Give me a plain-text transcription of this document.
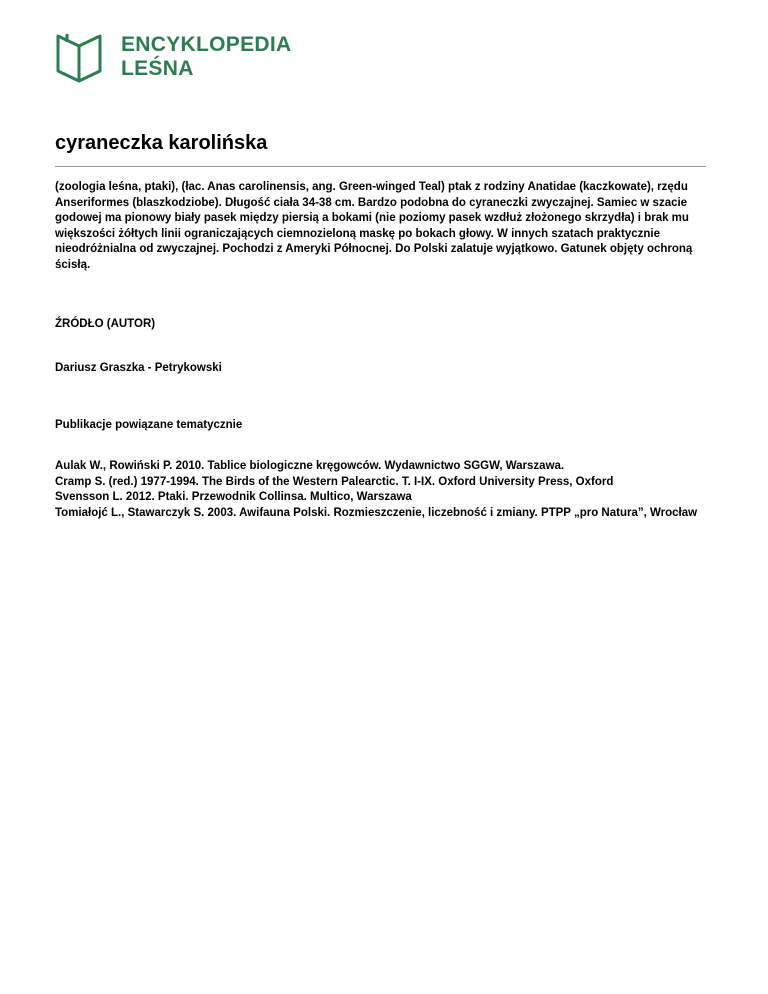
ENCYKLOPEDIA
LEŚNA
cyraneczka karolińska

(zoologia leśna, ptaki), (łac. Anas carolinensis, ang. Green-winged Teal) ptak z rodziny Anatidae (kaczkowate), rzędu Anseriformes (blaszkodziobe). Długość ciała 34-38 cm. Bardzo podobna do cyraneczki zwyczajnej. Samiec w szacie godowej ma pionowy biały pasek między piersią a bokami (nie poziomy pasek wzdłuż złożonego skrzydła) i brak mu większości żółtych linii ograniczających ciemnozieloną maskę po bokach głowy. W innych szatach praktycznie nieodróżnialna od zwyczajnej. Pochodzi z Ameryki Północnej. Do Polski zalatuje wyjątkowo. Gatunek objęty ochroną ścisłą.

ŹRÓDŁO (AUTOR)

Dariusz Graszka - Petrykowski

Publikacje powiązane tematycznie

Aulak W., Rowiński P. 2010. Tablice biologiczne kręgowców. Wydawnictwo SGGW, Warszawa.
Cramp S. (red.) 1977-1994. The Birds of the Western Palearctic. T. I-IX. Oxford University Press, Oxford
Svensson L. 2012. Ptaki. Przewodnik Collinsa. Multico, Warszawa
Tomiałojć L., Stawarczyk S. 2003. Awifauna Polski. Rozmieszczenie, liczebność i zmiany. PTPP „pro Natura”, Wrocław
